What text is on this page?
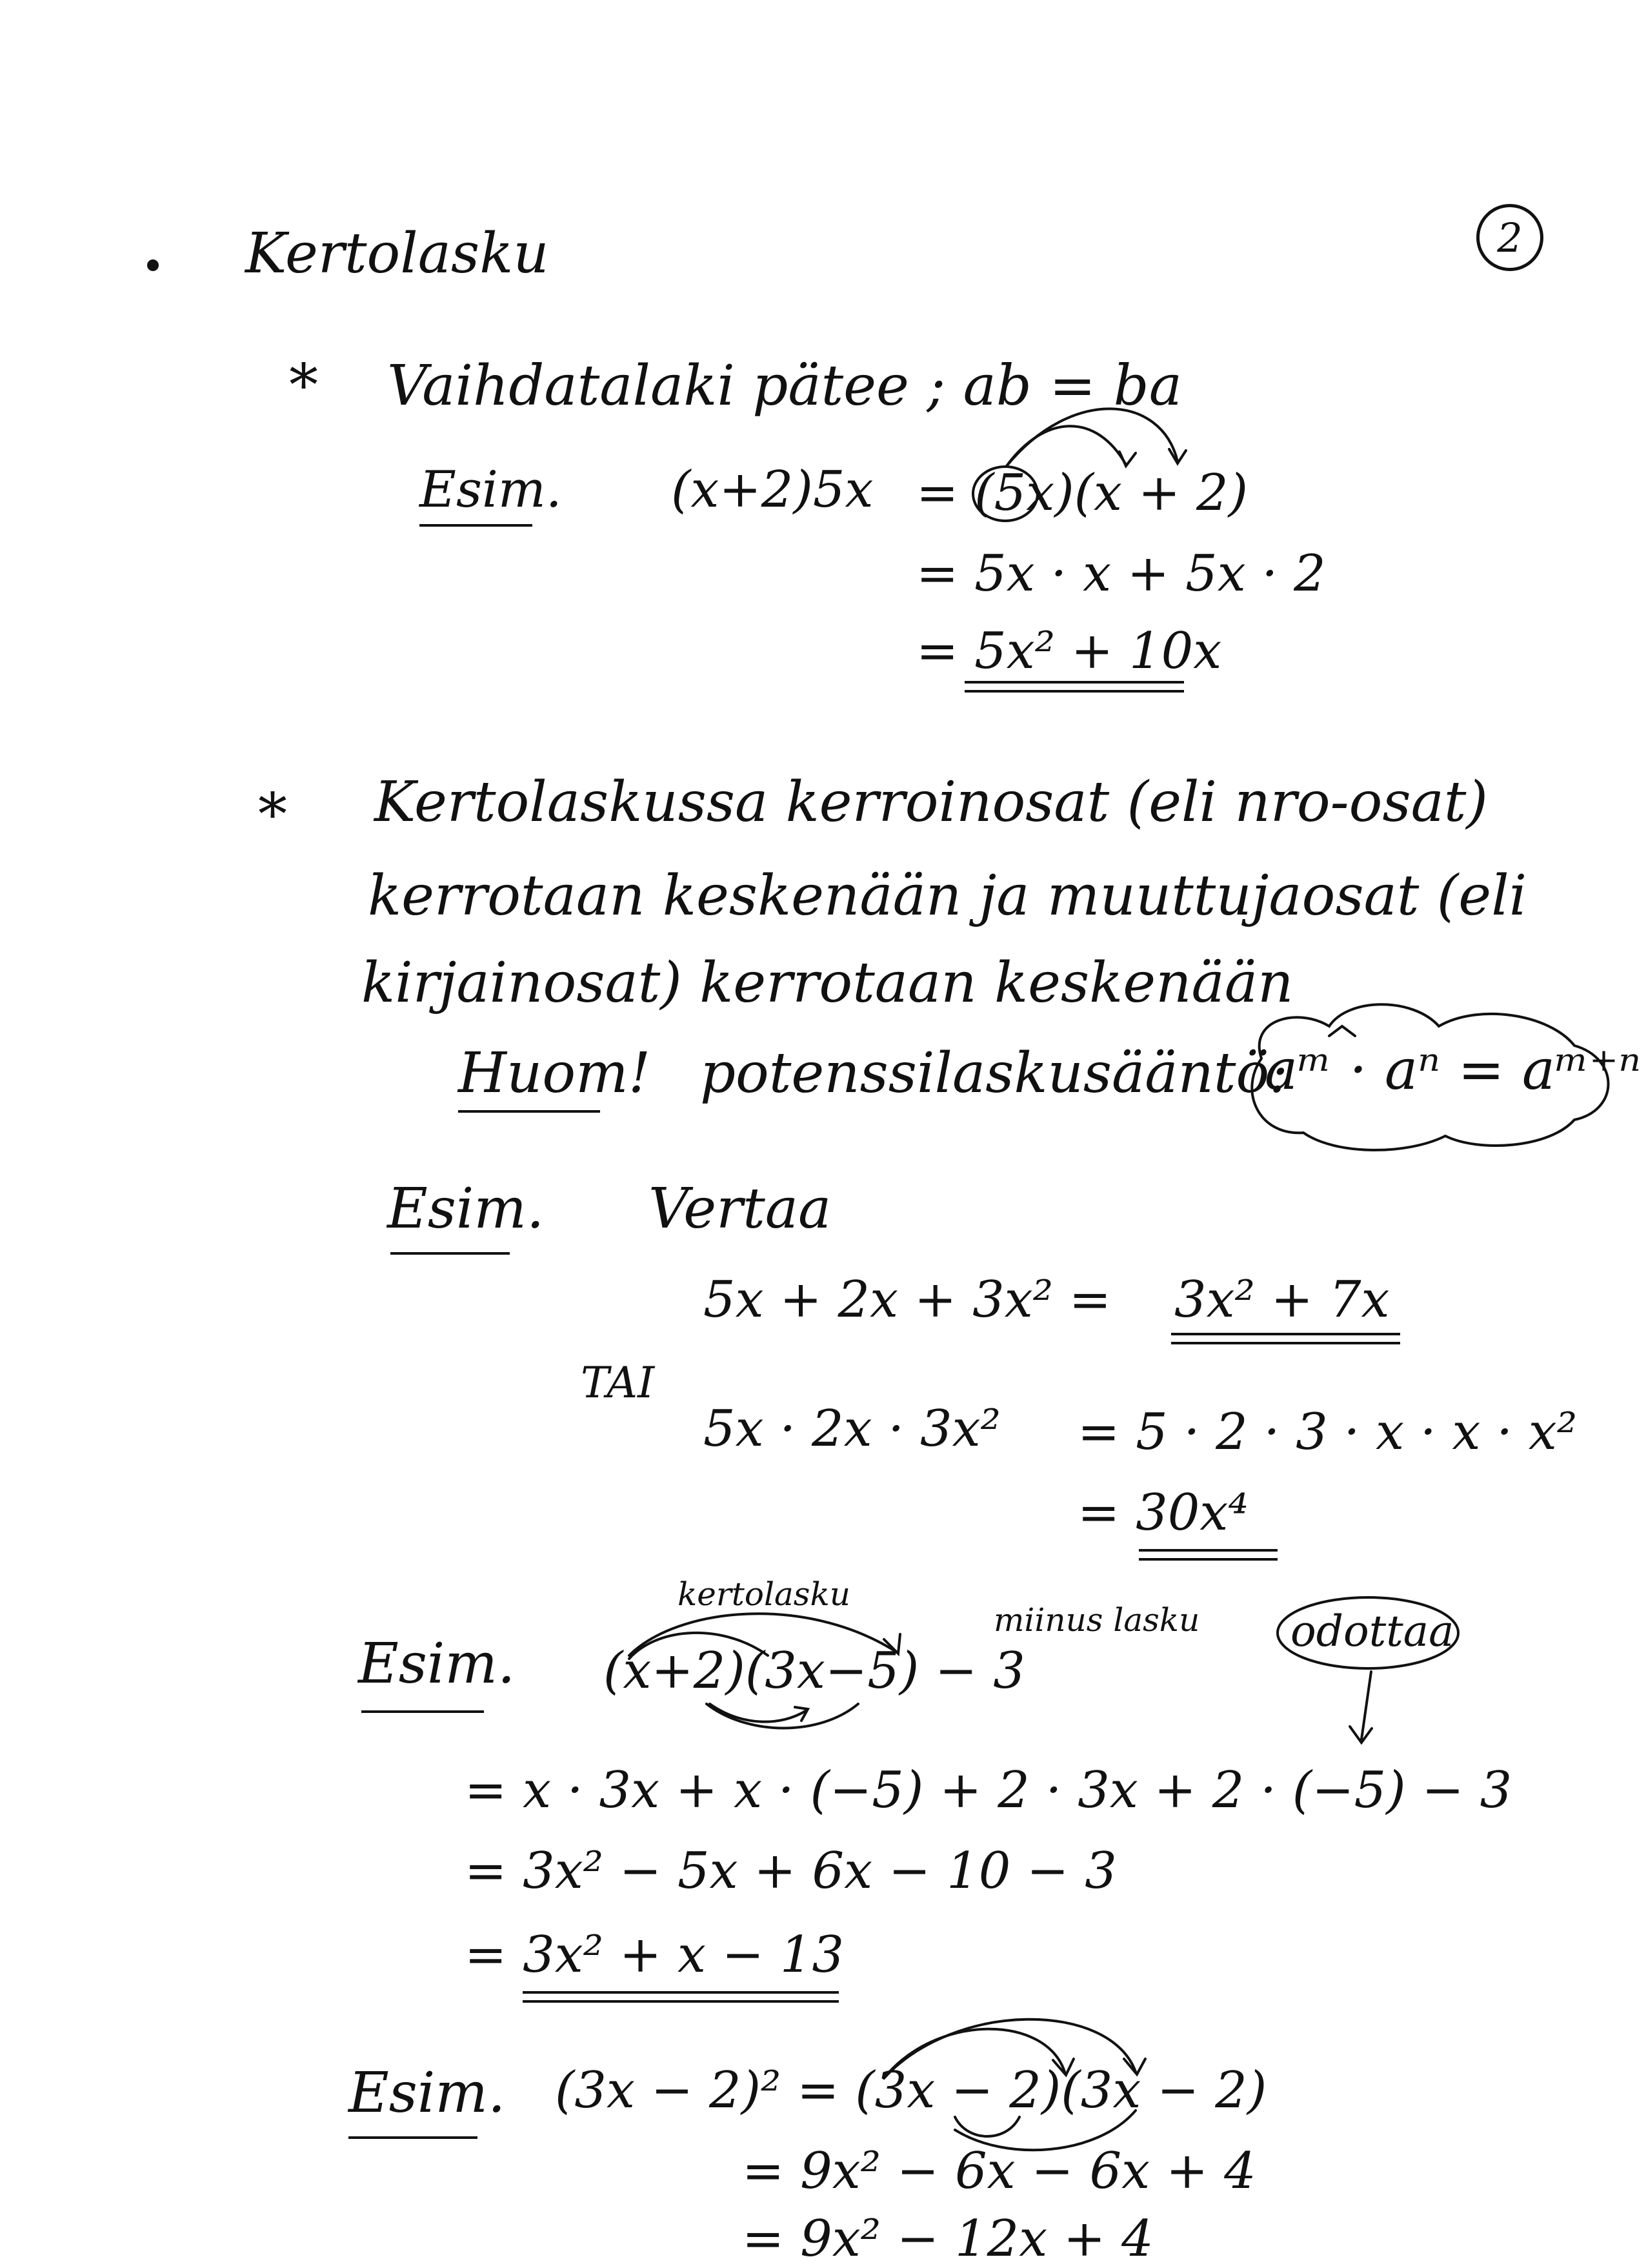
2
Kertolasku
* Vaihdatalaki pätee ; ab = ba
Esim. (x+2)5x = (5x)(x + 2)
= 5x · x + 5x · 2
= 5x² + 10x
* Kertolaskussa kerroinosat (eli nro-osat)
kerrotaan keskenään ja muuttujaosat (eli
kirjainosat) kerrotaan keskenään
Huom! potenssilaskusääntö:
aᵐ · aⁿ = aᵐ⁺ⁿ
Esim. Vertaa
5x + 2x + 3x² = 3x² + 7x
TAI
5x · 2x · 3x² = 5 · 2 · 3 · x · x · x²
= 30x⁴
kertolasku
miinus lasku odottaa
Esim. (x+2)(3x−5) − 3
= x · 3x + x · (−5) + 2 · 3x + 2 · (−5) − 3
= 3x² − 5x + 6x − 10 − 3
= 3x² + x − 13
Esim. (3x − 2)² = (3x − 2)(3x − 2)
= 9x² − 6x − 6x + 4
= 9x² − 12x + 4
